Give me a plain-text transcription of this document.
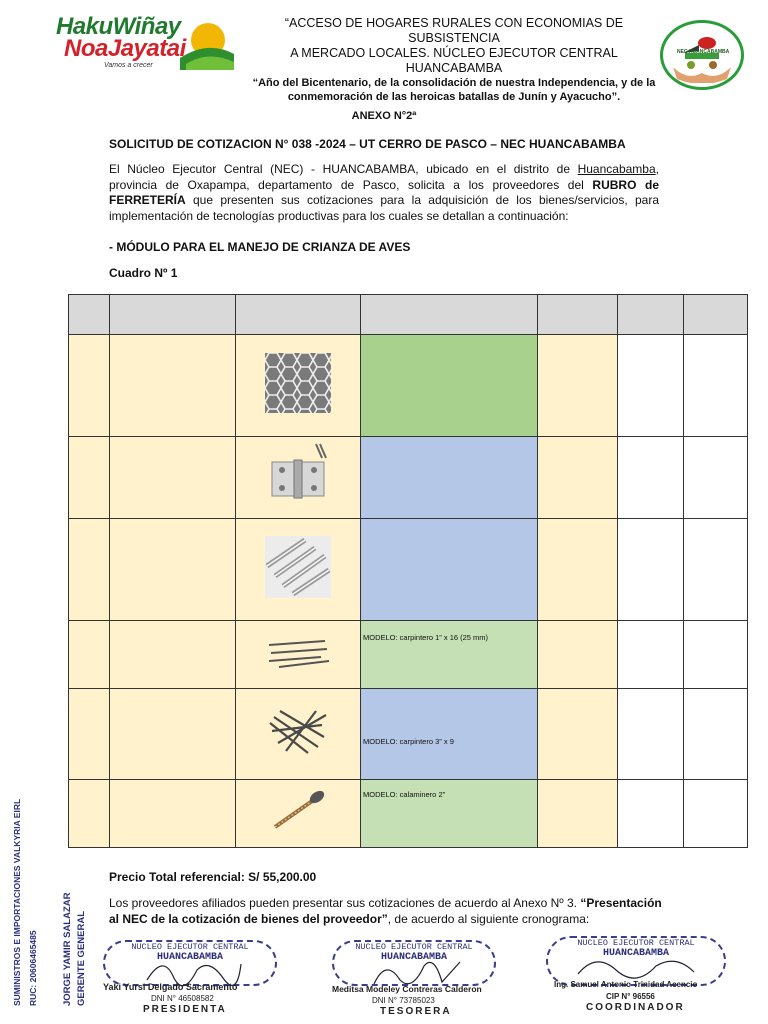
HakuWiñay
NoaJayatai
Vamos a crecer
“ACCESO DE HOGARES RURALES CON ECONOMIAS DE SUBSISTENCIA
A MERCADO LOCALES. NÚCLEO EJECUTOR CENTRAL HUANCABAMBA
“Año del Bicentenario, de la consolidación de nuestra Independencia, y de la
conmemoración de las heroicas batallas de Junín y Ayacucho”.
NEC HUANCABAMBA
ANEXO N°2ª
SOLICITUD DE COTIZACION N° 038 -2024 – UT CERRO DE PASCO – NEC HUANCABAMBA
El Núcleo Ejecutor Central (NEC) - HUANCABAMBA, ubicado en el distrito de Huancabamba, provincia de Oxapampa, departamento de Pasco, solicita a los proveedores del RUBRO de FERRETERÍA que presenten sus cotizaciones para la adquisición de los bienes/servicios, para implementación de tecnologías productivas para los cuales se detallan a continuación:
- MÓDULO PARA EL MANEJO DE CRIANZA DE AVES
Cuadro Nº 1

			MODELO: carpintero 1” x 16 (25 mm)			
			MODELO: carpintero 3” x 9			
			MODELO: calaminero 2”			
Precio Total referencial: S/ 55,200.00
Los proveedores afiliados pueden presentar sus cotizaciones de acuerdo al Anexo Nº 3. “Presentación al NEC de la cotización de bienes del proveedor”, de acuerdo al siguiente cronograma:
SUMINISTROS E IMPORTACIONES VALKYRIA EIRL RUC: 20606465485	JORGE YAMIR SALAZAR GERENTE GENERAL	NUCLEO EJECUTOR CENTRAL
HUANCABAMBA
Yaki Yursi Delgado Sacramento
DNI N° 46508582
PRESIDENTA
NUCLEO EJECUTOR CENTRAL
HUANCABAMBA
Meditsa Modeley Contreras Calderon
DNI N° 73785023
TESORERA
NUCLEO EJECUTOR CENTRAL
HUANCABAMBA
Ing. Samuel Antonio Trinidad Acencio
CIP N° 96556
COORDINADOR
